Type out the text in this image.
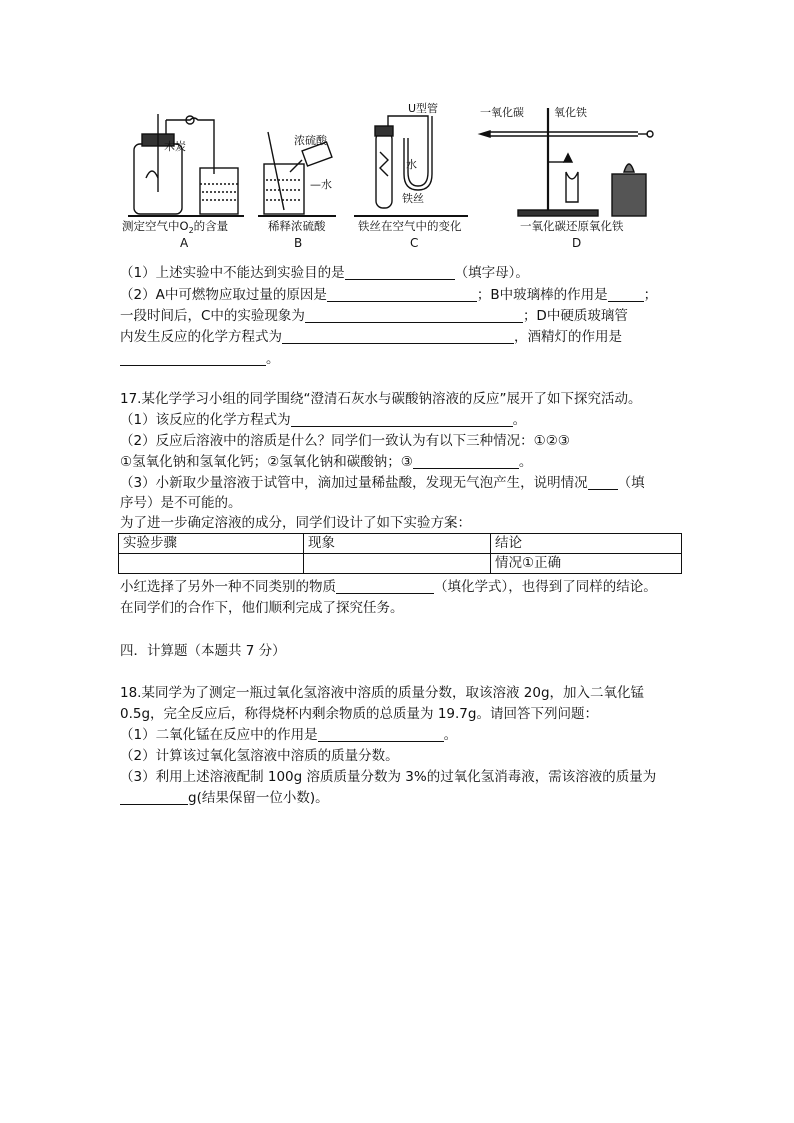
木炭
测定空气中$O_2$的含量
A
浓硫酸
—水
稀释浓硫酸
B
U型管
水
铁丝
铁丝在空气中的变化
C
一氧化碳	氧化铁
一氧化碳还原氧化铁
D
（1）上述实验中不能达到实验目的是	（填字母）。
（2）A中可燃物应取过量的原因是	；B中玻璃棒的作用是	；
一段时间后，C中的实验现象为	；D中硬质玻璃管
内发生反应的化学方程式为	，酒精灯的作用是
。
17.某化学学习小组的同学围绕“澄清石灰水与碳酸钠溶液的反应”展开了如下探究活动。
（1）该反应的化学方程式为	。
（2）反应后溶液中的溶质是什么？同学们一致认为有以下三种情况：①②③
①氢氧化钠和氢氧化钙；②氢氧化钠和碳酸钠；③	。
（3）小新取少量溶液于试管中，滴加过量稀盐酸，发现无气泡产生，说明情况 （填
序号）是不可能的。
为了进一步确定溶液的成分，同学们设计了如下实验方案：
实验步骤	现象	结论
		情况①正确
小红选择了另外一种不同类别的物质	（填化学式），也得到了同样的结论。
在同学们的合作下，他们顺利完成了探究任务。
四．计算题（本题共 7 分）
18.某同学为了测定一瓶过氧化氢溶液中溶质的质量分数，取该溶液 20g，加入二氧化锰
0.5g，完全反应后，称得烧杯内剩余物质的总质量为 19.7g。请回答下列问题：
（1）二氧化锰在反应中的作用是	。
（2）计算该过氧化氢溶液中溶质的质量分数。
（3）利用上述溶液配制 100g 溶质质量分数为 3%的过氧化氢消毒液，需该溶液的质量为
g(结果保留一位小数)。
